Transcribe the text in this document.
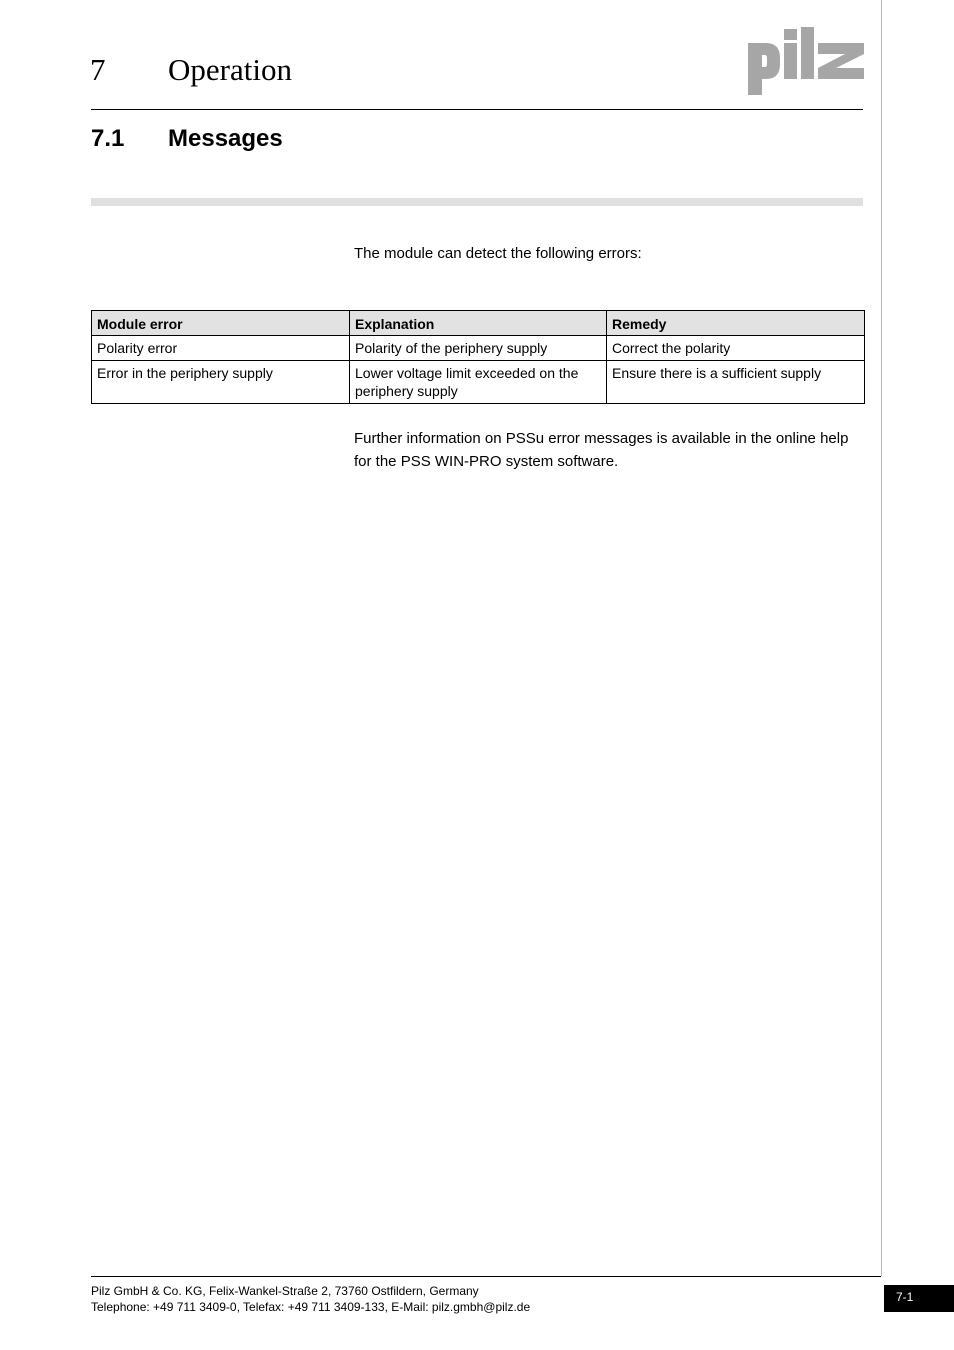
7 Operation
7.1 Messages
The module can detect the following errors:
Module error	Explanation	Remedy
Polarity error	Polarity of the periphery supply	Correct the polarity
Error in the periphery supply	Lower voltage limit exceeded on the periphery supply	Ensure there is a sufficient supply
Further information on PSSu error messages is available in the online help for the PSS WIN-PRO system software.
Pilz GmbH & Co. KG, Felix-Wankel-Straße 2, 73760 Ostfildern, Germany
Telephone: +49 711 3409-0, Telefax: +49 711 3409-133, E-Mail: pilz.gmbh@pilz.de
7-1
